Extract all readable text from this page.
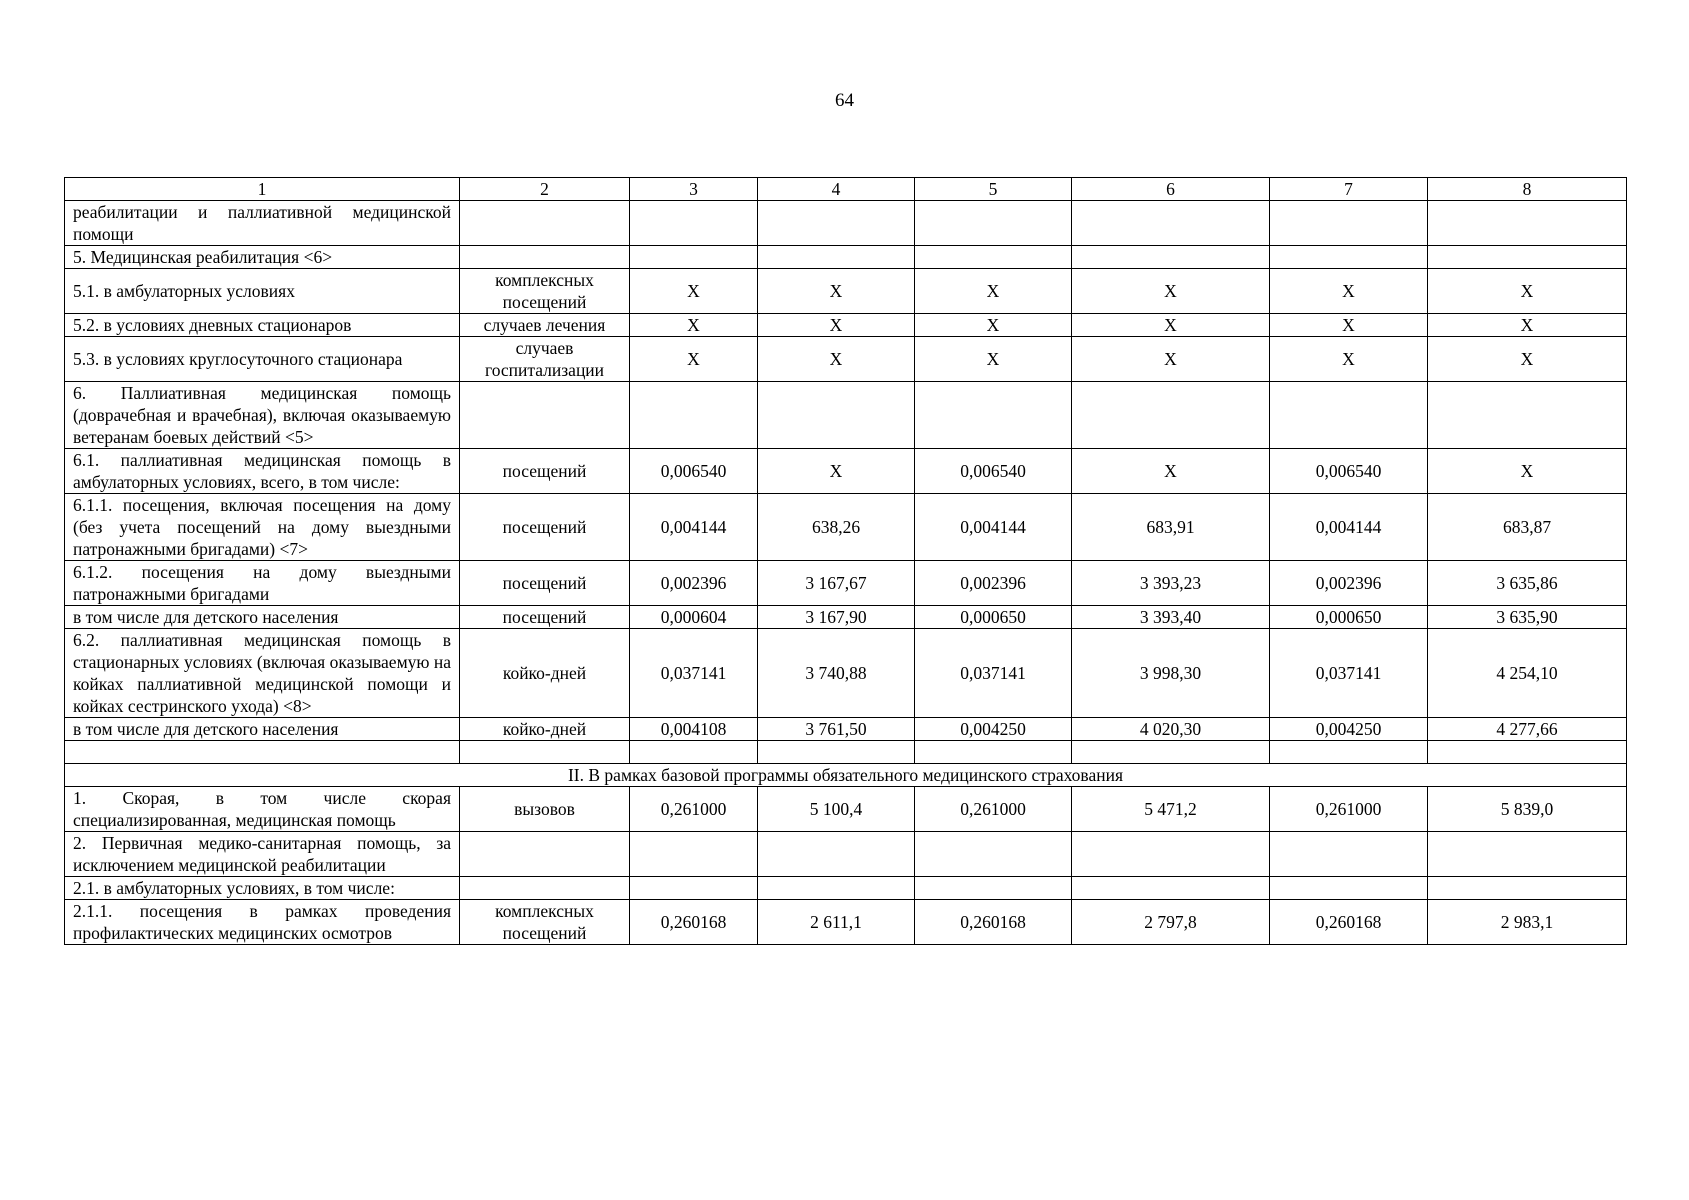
64
1	2	3	4	5	6	7	8
реабилитации и паллиативной медицинской помощи							
5. Медицинская реабилитация <6>							
5.1. в амбулаторных условиях	комплексных посещений	X	X	X	X	X	X
5.2. в условиях дневных стационаров	случаев лечения	X	X	X	X	X	X
5.3. в условиях круглосуточного стационара	случаев госпитализации	X	X	X	X	X	X
6. Паллиативная медицинская помощь (доврачебная и врачебная), включая оказываемую ветеранам боевых действий <5>							
6.1. паллиативная медицинская помощь в амбулаторных условиях, всего, в том числе:	посещений	0,006540	X	0,006540	X	0,006540	X
6.1.1. посещения, включая посещения на дому (без учета посещений на дому выездными патронажными бригадами) <7>	посещений	0,004144	638,26	0,004144	683,91	0,004144	683,87
6.1.2. посещения на дому выездными патронажными бригадами	посещений	0,002396	3 167,67	0,002396	3 393,23	0,002396	3 635,86
в том числе для детского населения	посещений	0,000604	3 167,90	0,000650	3 393,40	0,000650	3 635,90
6.2. паллиативная медицинская помощь в стационарных условиях (включая оказываемую на койках паллиативной медицинской помощи и койках сестринского ухода) <8>	койко-дней	0,037141	3 740,88	0,037141	3 998,30	0,037141	4 254,10
в том числе для детского населения	койко-дней	0,004108	3 761,50	0,004250	4 020,30	0,004250	4 277,66

II. В рамках базовой программы обязательного медицинского страхования							
1. Скорая, в том числе скорая специализированная, медицинская помощь	вызовов	0,261000	5 100,4	0,261000	5 471,2	0,261000	5 839,0
2. Первичная медико-санитарная помощь, за исключением медицинской реабилитации							
2.1. в амбулаторных условиях, в том числе:							
2.1.1. посещения в рамках проведения профилактических медицинских осмотров	комплексных посещений	0,260168	2 611,1	0,260168	2 797,8	0,260168	2 983,1
